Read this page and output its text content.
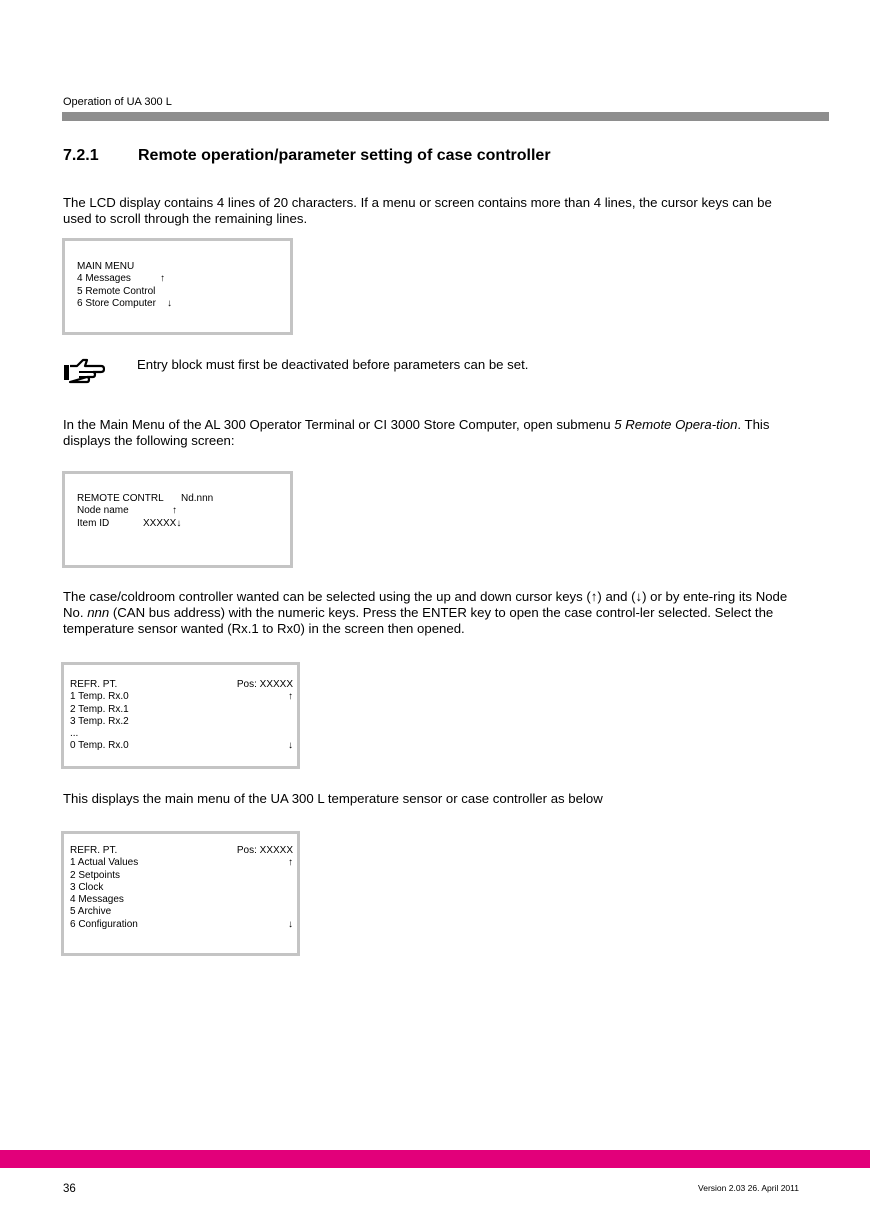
Operation of UA 300 L
7.2.1 Remote operation/parameter setting of case controller
The LCD display contains 4 lines of 20 characters. If a menu or screen contains more than 4 lines, the cursor keys can be used to scroll through the remaining lines.
MAIN MENU
4 Messages	↑
5 Remote Control
6 Store Computer ↓
Entry block must first be deactivated before parameters can be set.
In the Main Menu of the AL 300 Operator Terminal or CI 3000 Store Computer, open submenu 5 Remote Opera-tion. This displays the following screen:
REMOTE CONTRL Nd.nnn
Node name	↑
Item ID	XXXXX↓
The case/coldroom controller wanted can be selected using the up and down cursor keys (↑) and (↓) or by ente-ring its Node No. nnn (CAN bus address) with the numeric keys. Press the ENTER key to open the case control-ler selected. Select the temperature sensor wanted (Rx.1 to Rx0) in the screen then opened.
REFR. PT.	Pos: XXXXX
1 Temp. Rx.0	↑
2 Temp. Rx.1
3 Temp. Rx.2
...
0 Temp. Rx.0	↓
This displays the main menu of the UA 300 L temperature sensor or case controller as below
REFR. PT.	Pos: XXXXX
1 Actual Values	↑
2 Setpoints
3 Clock
4 Messages
5 Archive
6 Configuration	↓
36	Version 2.03 26. April 2011
